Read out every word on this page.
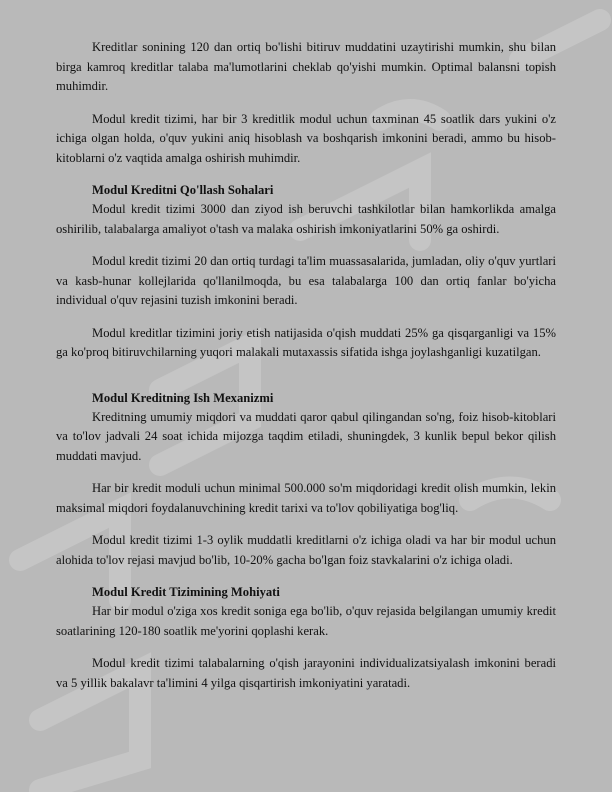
Kreditlar sonining 120 dan ortiq bo'lishi bitiruv muddatini uzaytirishi mumkin, shu bilan birga kamroq kreditlar talaba ma'lumotlarini cheklab qo'yishi mumkin. Optimal balansni topish muhimdir.

Modul kredit tizimi, har bir 3 kreditlik modul uchun taxminan 45 soatlik dars yukini o'z ichiga olgan holda, o'quv yukini aniq hisoblash va boshqarish imkonini beradi, ammo bu hisob-kitoblarni o'z vaqtida amalga oshirish muhimdir.

Modul Kreditni Qo'llash Sohalari

Modul kredit tizimi 3000 dan ziyod ish beruvchi tashkilotlar bilan hamkorlikda amalga oshirilib, talabalarga amaliyot o'tash va malaka oshirish imkoniyatlarini 50% ga oshirdi.

Modul kredit tizimi 20 dan ortiq turdagi ta'lim muassasalarida, jumladan, oliy o'quv yurtlari va kasb-hunar kollejlarida qo'llanilmoqda, bu esa talabalarga 100 dan ortiq fanlar bo'yicha individual o'quv rejasini tuzish imkonini beradi.

Modul kreditlar tizimini joriy etish natijasida o'qish muddati 25% ga qisqarganligi va 15% ga ko'proq bitiruvchilarning yuqori malakali mutaxassis sifatida ishga joylashganligi kuzatilgan.

Modul Kreditning Ish Mexanizmi

Kreditning umumiy miqdori va muddati qaror qabul qilingandan so'ng, foiz hisob-kitoblari va to'lov jadvali 24 soat ichida mijozga taqdim etiladi, shuningdek, 3 kunlik bepul bekor qilish muddati mavjud.

Har bir kredit moduli uchun minimal 500.000 so'm miqdoridagi kredit olish mumkin, lekin maksimal miqdori foydalanuvchining kredit tarixi va to'lov qobiliyatiga bog'liq.

Modul kredit tizimi 1-3 oylik muddatli kreditlarni o'z ichiga oladi va har bir modul uchun alohida to'lov rejasi mavjud bo'lib, 10-20% gacha bo'lgan foiz stavkalarini o'z ichiga oladi.

Modul Kredit Tizimining Mohiyati

Har bir modul o'ziga xos kredit soniga ega bo'lib, o'quv rejasida belgilangan umumiy kredit soatlarining 120-180 soatlik me'yorini qoplashi kerak.

Modul kredit tizimi talabalarning o'qish jarayonini individualizatsiyalash imkonini beradi va 5 yillik bakalavr ta'limini 4 yilga qisqartirish imkoniyatini yaratadi.
